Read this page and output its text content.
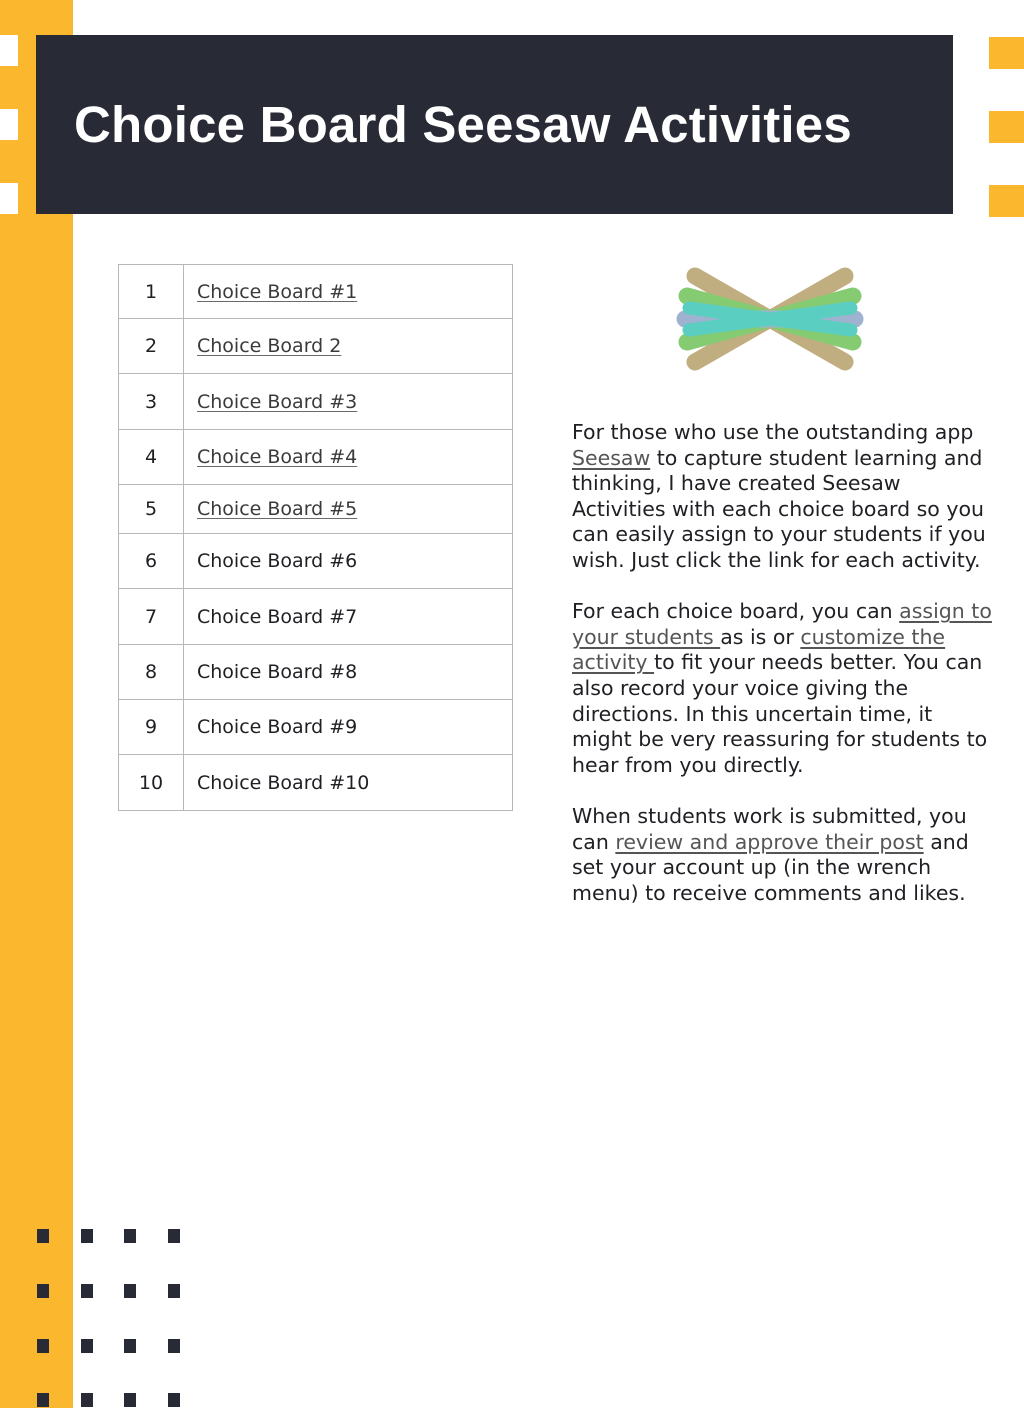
Choice Board Seesaw Activities
1	Choice Board #1
2	Choice Board 2
3	Choice Board #3
4	Choice Board #4
5	Choice Board #5
6	Choice Board #6
7	Choice Board #7
8	Choice Board #8
9	Choice Board #9
10	Choice Board #10

For those who use the outstanding app Seesaw to capture student learning and thinking, I have created Seesaw Activities with each choice board so you can easily assign to your students if you wish. Just click the link for each activity.

For each choice board, you can assign to your students as is or customize the activity to fit your needs better. You can also record your voice giving the directions. In this uncertain time, it might be very reassuring for students to hear from you directly.

When students work is submitted, you can review and approve their post and set your account up (in the wrench menu) to receive comments and likes.
